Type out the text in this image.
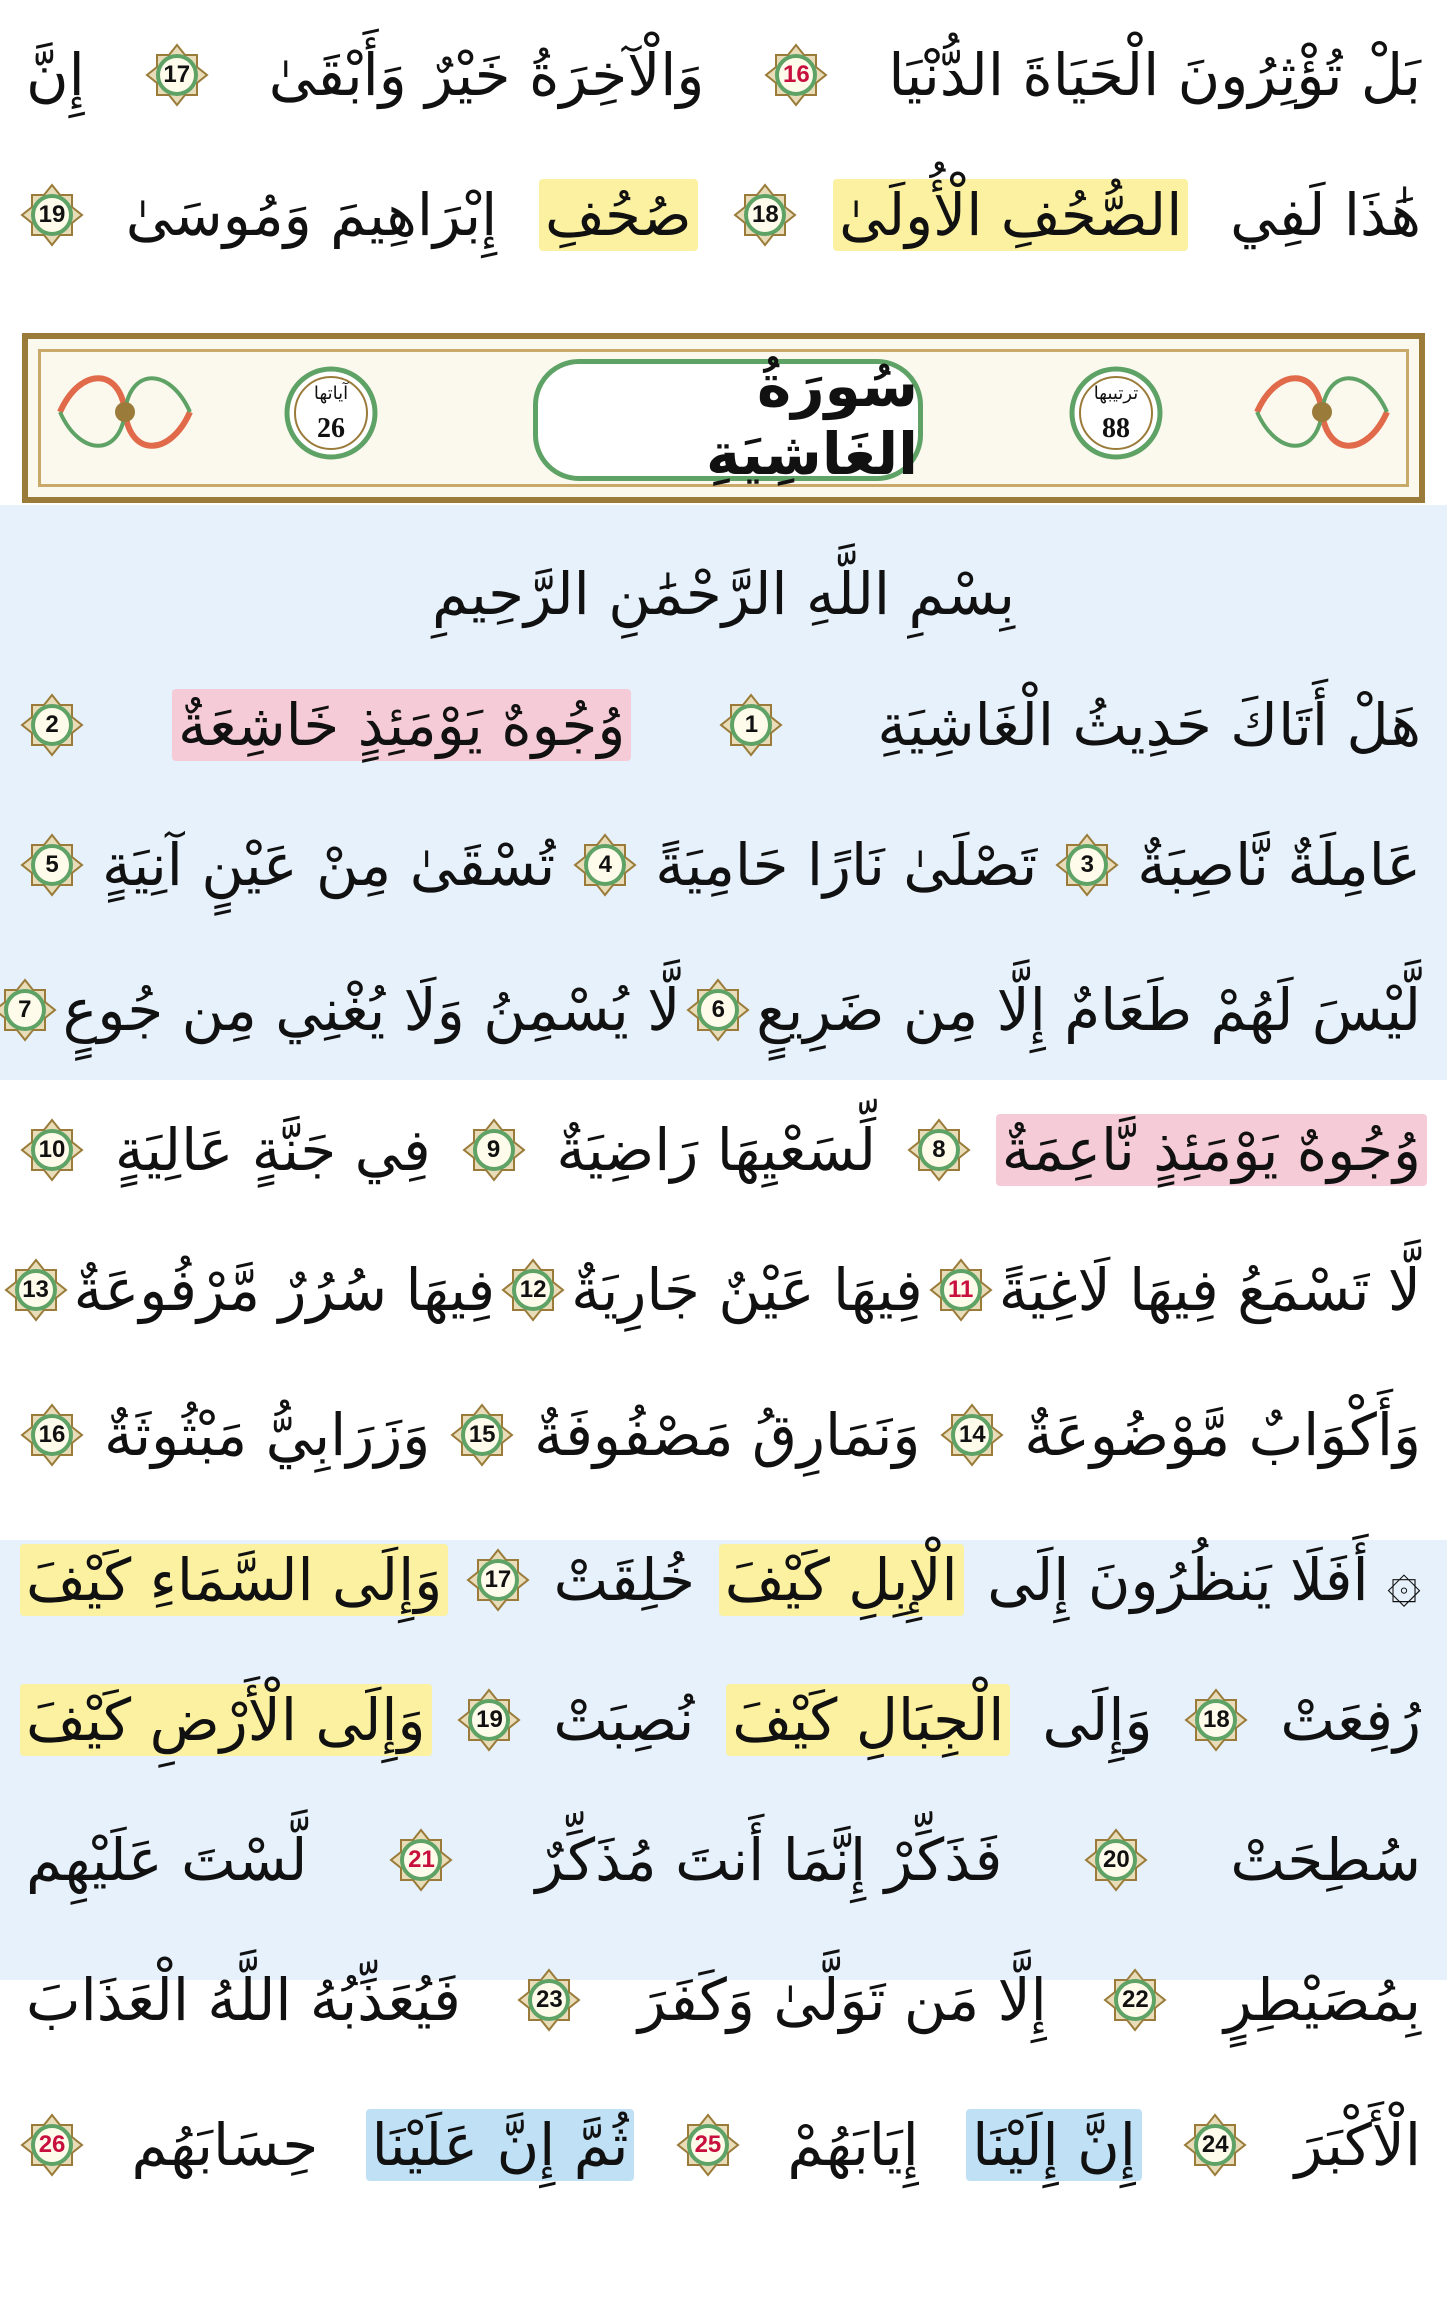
بَلْ تُؤْثِرُونَ الْحَيَاةَ الدُّنْيَا
16
وَالْآخِرَةُ خَيْرٌ وَأَبْقَىٰ
17
إِنَّ
هَٰذَا لَفِي
الصُّحُفِ الْأُولَىٰ
18
صُحُفِ
إِبْرَاهِيمَ وَمُوسَىٰ
19
آياتها
26
سُورَةُ الغَاشِيَةِ
ترتيبها
88
بِسْمِ اللَّهِ الرَّحْمَٰنِ الرَّحِيمِ
هَلْ أَتَاكَ حَدِيثُ الْغَاشِيَةِ
1
وُجُوهٌ يَوْمَئِذٍ خَاشِعَةٌ
2
عَامِلَةٌ نَّاصِبَةٌ
3
تَصْلَىٰ نَارًا حَامِيَةً
4
تُسْقَىٰ مِنْ عَيْنٍ آنِيَةٍ
5
لَّيْسَ لَهُمْ طَعَامٌ إِلَّا مِن ضَرِيعٍ
6
لَّا يُسْمِنُ وَلَا يُغْنِي مِن جُوعٍ
7
وُجُوهٌ يَوْمَئِذٍ نَّاعِمَةٌ
8
لِّسَعْيِهَا رَاضِيَةٌ
9
فِي جَنَّةٍ عَالِيَةٍ
10
لَّا تَسْمَعُ فِيهَا لَاغِيَةً
11
فِيهَا عَيْنٌ جَارِيَةٌ
12
فِيهَا سُرُرٌ مَّرْفُوعَةٌ
13
وَأَكْوَابٌ مَّوْضُوعَةٌ
14
وَنَمَارِقُ مَصْفُوفَةٌ
15
وَزَرَابِيُّ مَبْثُوثَةٌ
16
۞ أَفَلَا يَنظُرُونَ إِلَى
الْإِبِلِ كَيْفَ
خُلِقَتْ
17
وَإِلَى السَّمَاءِ كَيْفَ
رُفِعَتْ
18
وَإِلَى
الْجِبَالِ كَيْفَ
نُصِبَتْ
19
وَإِلَى الْأَرْضِ كَيْفَ
سُطِحَتْ
20
فَذَكِّرْ إِنَّمَا أَنتَ مُذَكِّرٌ
21
لَّسْتَ عَلَيْهِم
بِمُصَيْطِرٍ
22
إِلَّا مَن تَوَلَّىٰ وَكَفَرَ
23
فَيُعَذِّبُهُ اللَّهُ الْعَذَابَ
الْأَكْبَرَ
24
إِنَّ إِلَيْنَا
إِيَابَهُمْ
25
ثُمَّ إِنَّ عَلَيْنَا
حِسَابَهُم
26
